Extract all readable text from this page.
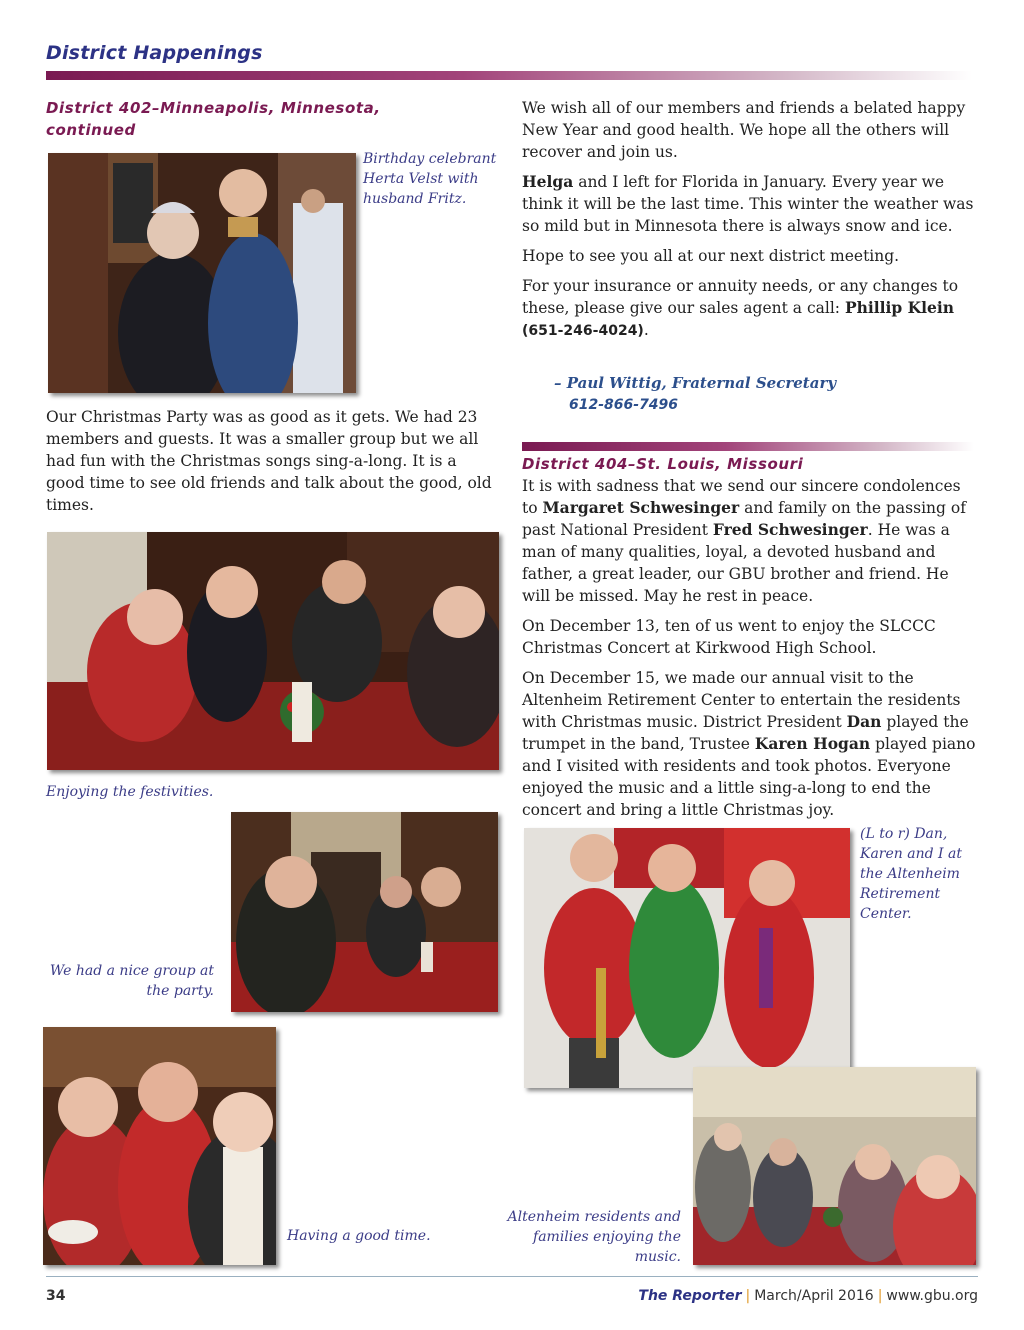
District Happenings
District 402–Minneapolis, Minnesota, continued
Birthday celebrant Herta Velst with husband Fritz.
Our Christmas Party was as good as it gets. We had 23 members and guests. It was a smaller group but we all had fun with the Christmas songs sing-a-long. It is a good time to see old friends and talk about the good, old times.
Enjoying the festivities.
We had a nice group at the party.
Having a good time.

We wish all of our members and friends a belated happy New Year and good health. We hope all the others will recover and join us.

Helga and I left for Florida in January. Every year we think it will be the last time. This winter the weather was so mild but in Minnesota there is always snow and ice.

Hope to see you all at our next district meeting.

For your insurance or annuity needs, or any changes to these, please give our sales agent a call: Phillip Klein (651-246-4024).

– Paul Wittig, Fraternal Secretary
612-866-7496
District 404–St. Louis, Missouri

It is with sadness that we send our sincere condolences to Margaret Schwesinger and family on the passing of past National President Fred Schwesinger. He was a man of many qualities, loyal, a devoted husband and father, a great leader, our GBU brother and friend. He will be missed. May he rest in peace.

On December 13, ten of us went to enjoy the SLCCC Christmas Concert at Kirkwood High School.

On December 15, we made our annual visit to the Altenheim Retirement Center to entertain the residents with Christmas music. District President Dan played the trumpet in the band, Trustee Karen Hogan played piano and I visited with residents and took photos. Everyone enjoyed the music and a little sing-a-long to end the concert and bring a little Christmas joy.

(L to r) Dan, Karen and I at the Altenheim Retirement Center.
Altenheim residents and families enjoying the music.
34	The Reporter | March/April 2016 | www.gbu.org
